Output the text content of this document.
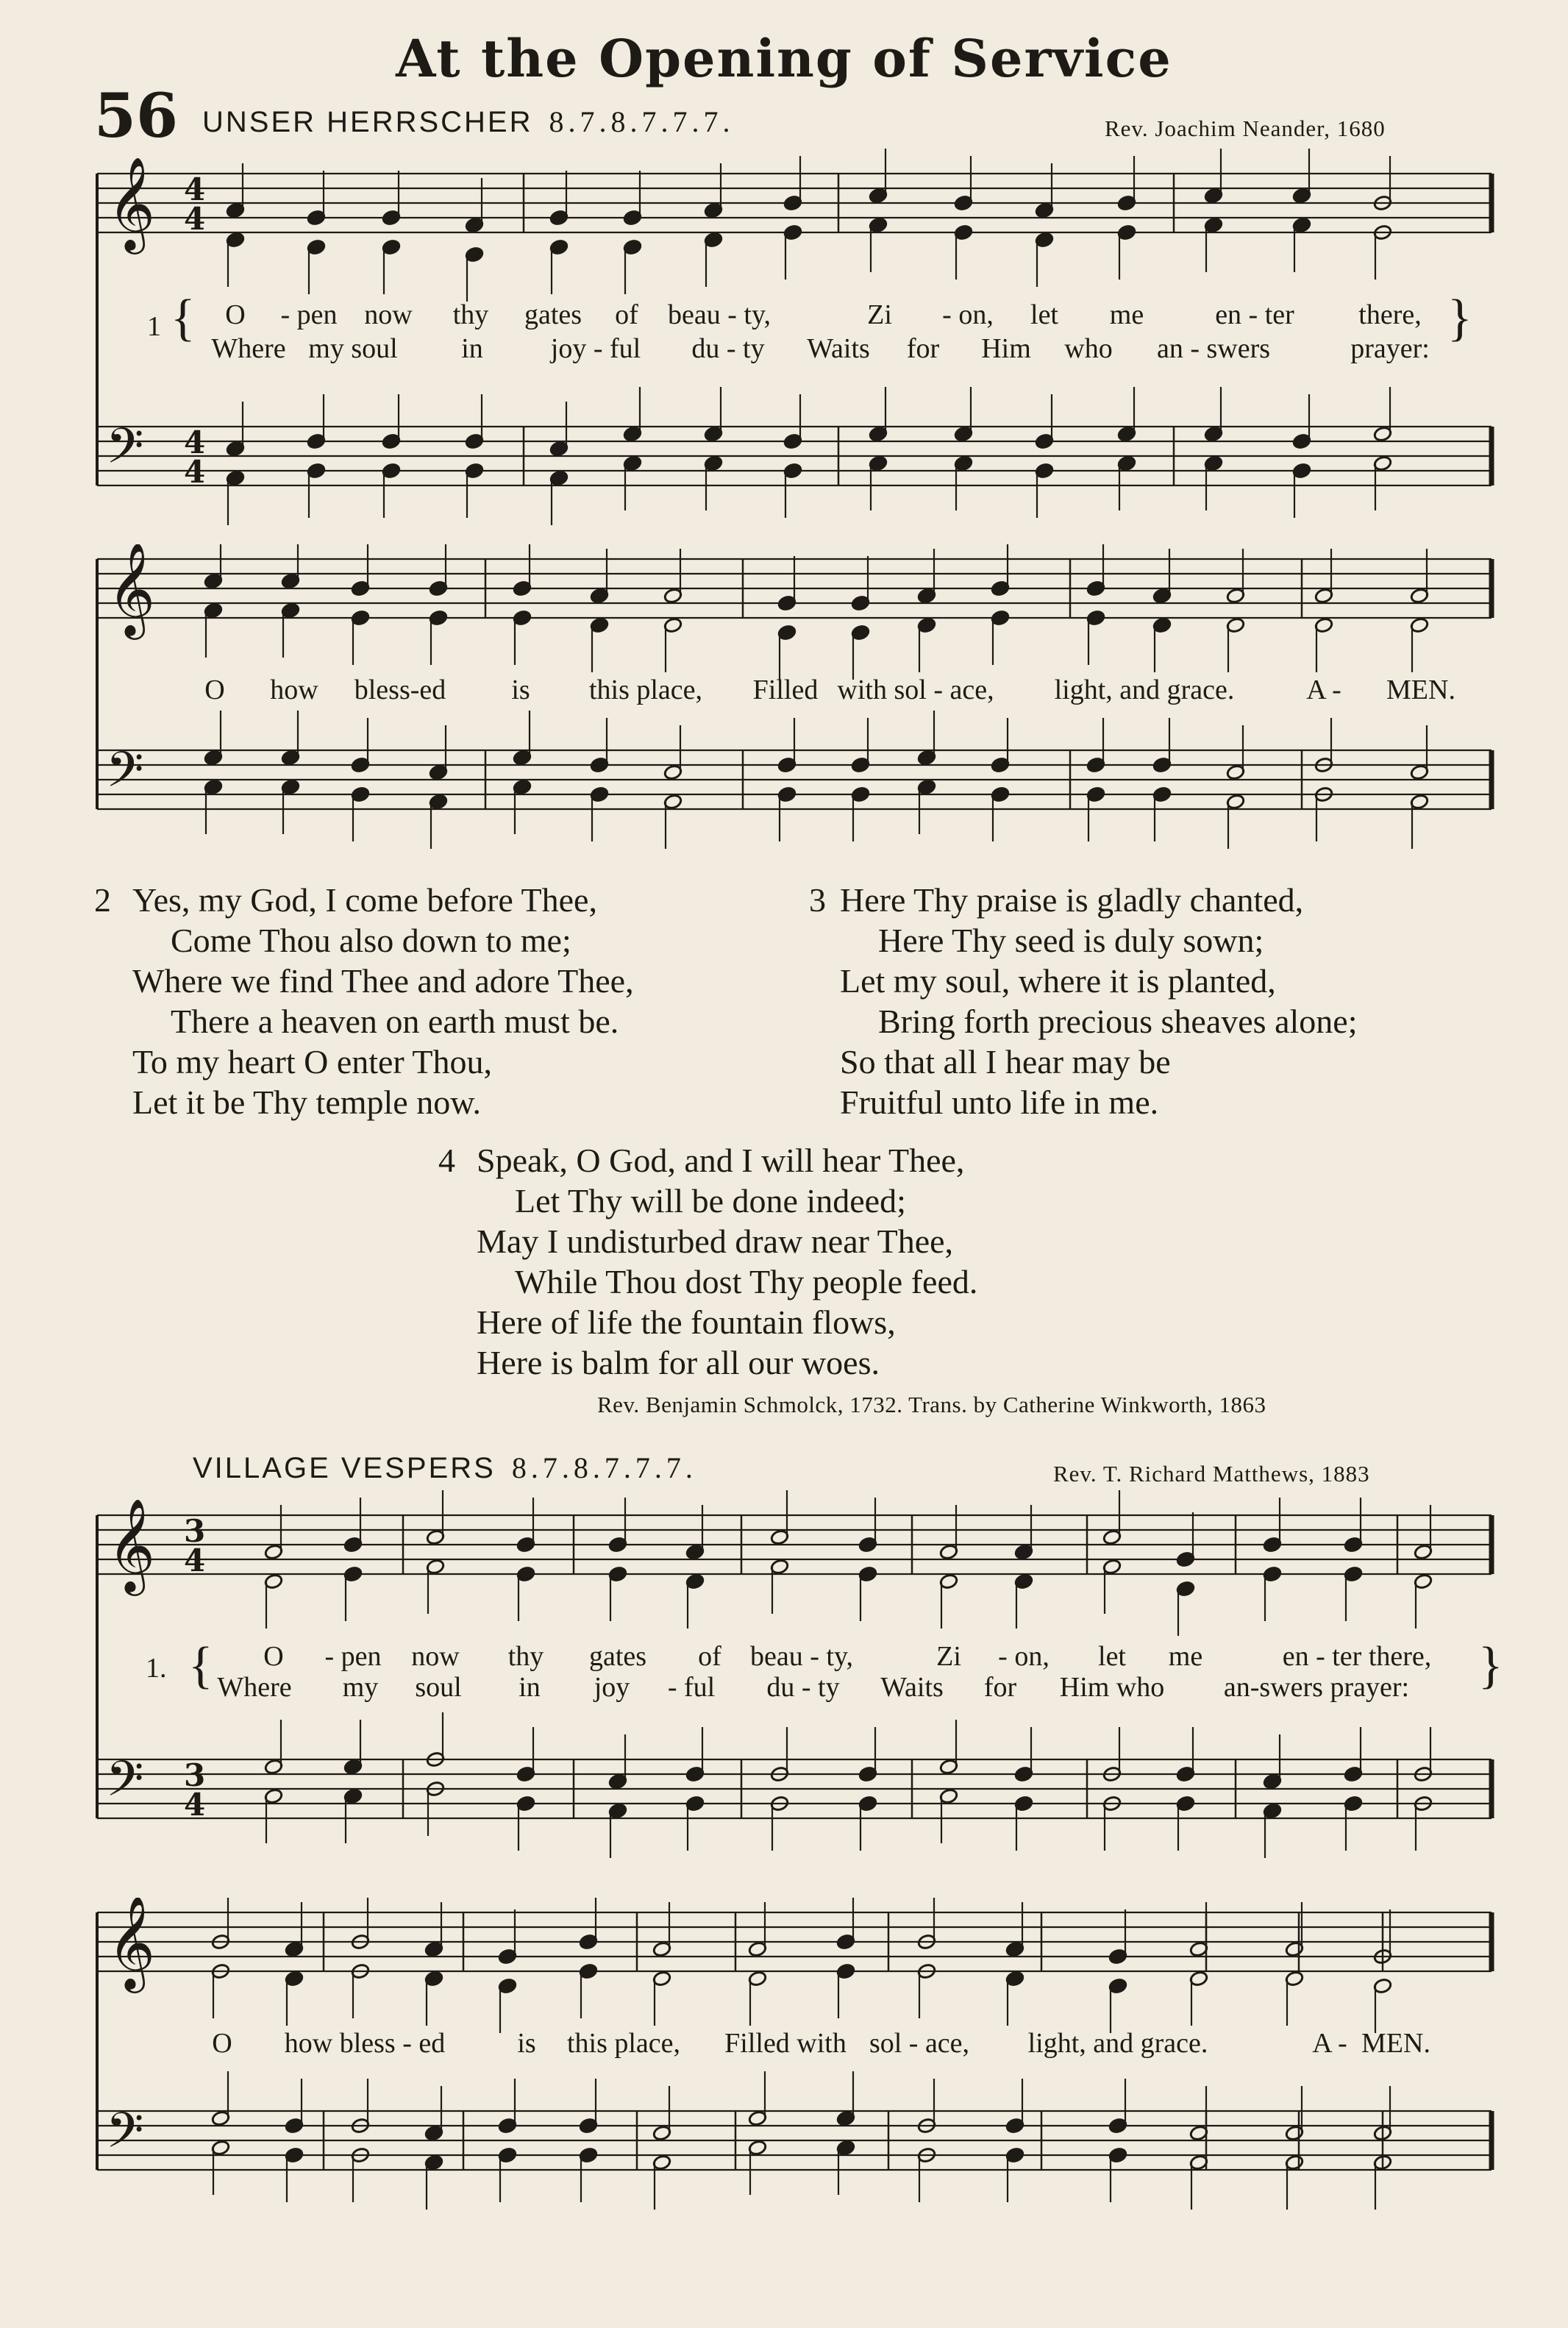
At the Opening of Service
56 UNSER HERRSCHER 8.7.8.7.7.7.	Rev. Joachim Neander, 1680
𝄞
𝄢
4
4
4
4
{
1 O - pen now thy gates of beau - ty,	Zi - on, let me	en - ter there,
Where my soul in joy - ful du - ty Waits for Him who an - swers	prayer:
}
𝄞
𝄢
O how bless-ed is this place, Filled with sol - ace, light, and grace.	A - MEN.
2 Yes, my God, I come before Thee,
Come Thou also down to me;
Where we find Thee and adore Thee,
There a heaven on earth must be.
To my heart O enter Thou,
Let it be Thy temple now.
3 Here Thy praise is gladly chanted,
Here Thy seed is duly sown;
Let my soul, where it is planted,
Bring forth precious sheaves alone;
So that all I hear may be
Fruitful unto life in me.
4 Speak, O God, and I will hear Thee,
Let Thy will be done indeed;
May I undisturbed draw near Thee,
While Thou dost Thy people feed.
Here of life the fountain flows,
Here is balm for all our woes.
Rev. Benjamin Schmolck, 1732. Trans. by Catherine Winkworth, 1863
VILLAGE VESPERS 8.7.8.7.7.7.	Rev. T. Richard Matthews, 1883
𝄞
𝄢
3
4
3
4
{
1.	O - pen now thy gates of beau - ty,	Zi - on, let me	en - ter there,
Where my soul in joy - ful du - ty Waits for Him who an-swers prayer: }
𝄞
𝄢
O how bless - ed	is this place, Filled with sol - ace, light, and grace.	A - MEN.
